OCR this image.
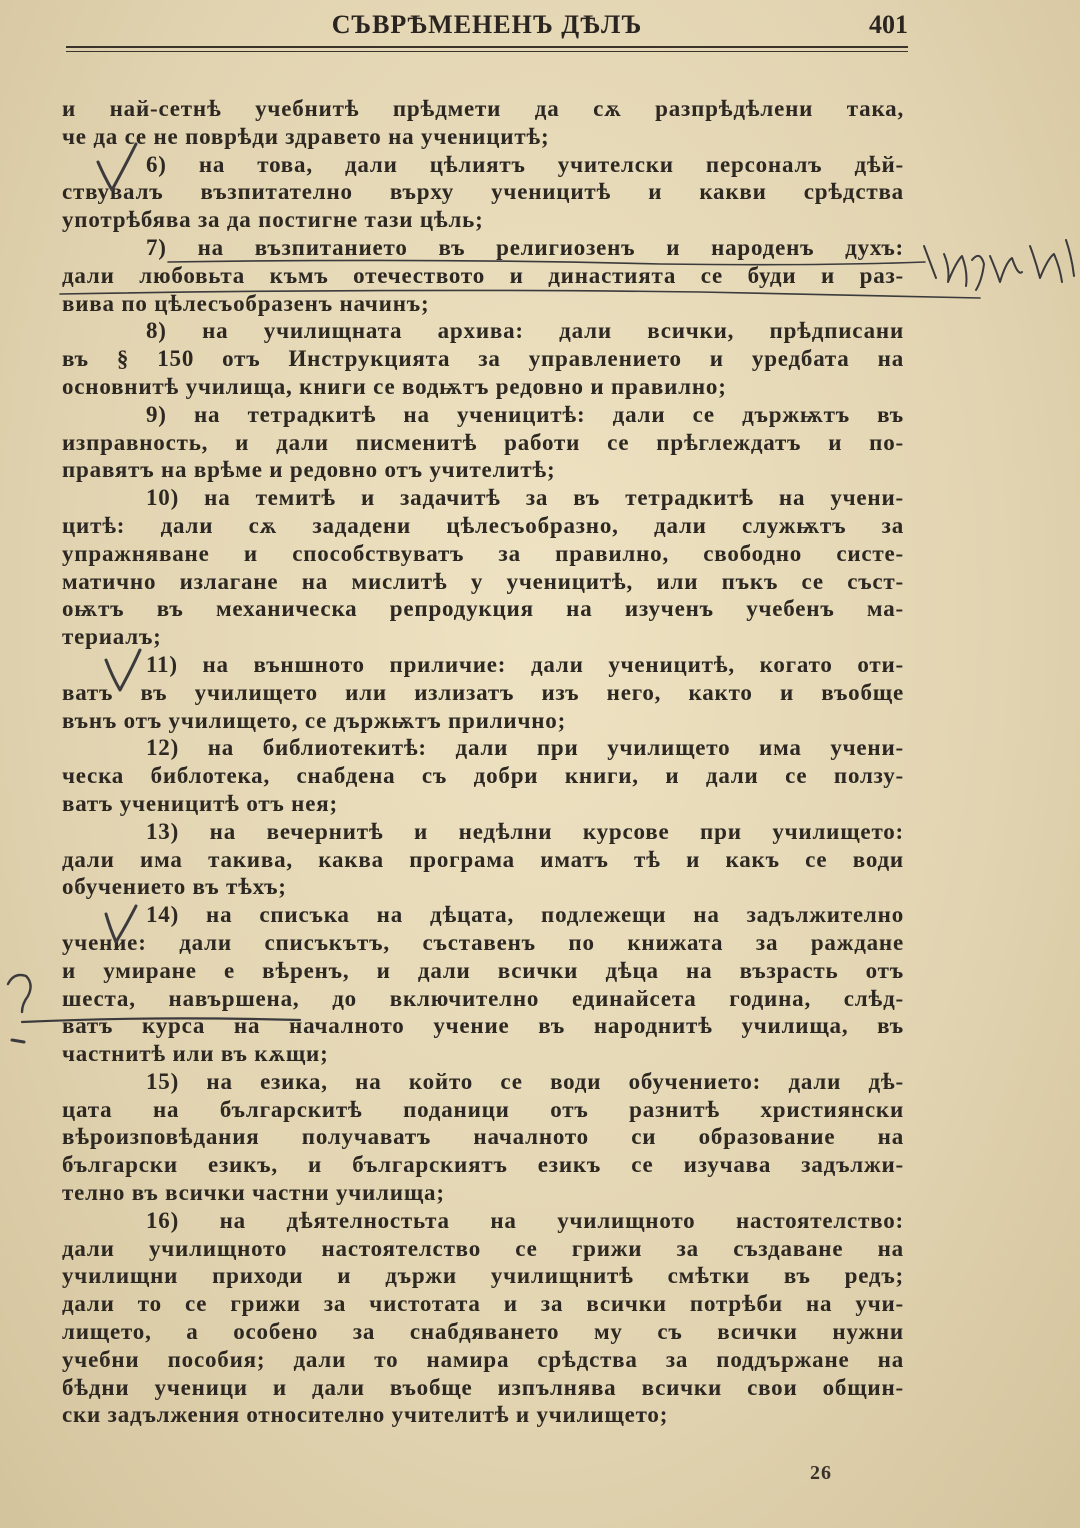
СЪВРѢМЕНЕНЪ ДѢЛЪ	401
и най-сетнѣ учебнитѣ прѣдмети да сѫ разпрѣдѣлени така,
че да се не поврѣди здравето на ученицитѣ;
6) на това, дали цѣлиятъ учителски персоналъ дѣй-
ствувалъ възпитателно върху ученицитѣ и какви срѣдства
употрѣбява за да постигне тази цѣль;
7) на възпитанието въ религиозенъ и народенъ духъ:
дали любовьта къмъ отечеството и династията се буди и раз-
вива по цѣлесъобразенъ начинъ;
8) на училищната архива: дали всички, прѣдписани
въ § 150 отъ Инструкцията за управлението и уредбата на
основнитѣ училища, книги се водѭтъ редовно и правилно;
9) на тетрадкитѣ на ученицитѣ: дали се държѭтъ въ
изправность, и дали писменитѣ работи се прѣглеждатъ и по-
правятъ на врѣме и редовно отъ учителитѣ;
10) на темитѣ и задачитѣ за въ тетрадкитѣ на учени-
цитѣ: дали сѫ зададени цѣлесъобразно, дали служѭтъ за
упражняване и способствуватъ за правилно, свободно систе-
матично излагане на мислитѣ у ученицитѣ, или пъкъ се съст-
оѭтъ въ механическа репродукция на изученъ учебенъ ма-
териалъ;
11) на външното приличие: дали ученицитѣ, когато оти-
ватъ въ училището или излизатъ изъ него, както и въобще
вънъ отъ училището, се държѭтъ прилично;
12) на библиотекитѣ: дали при училището има учени-
ческа библотека, снабдена съ добри книги, и дали се ползу-
ватъ ученицитѣ отъ нея;
13) на вечернитѣ и недѣлни курсове при училището:
дали има такива, каква програма иматъ тѣ и какъ се води
обучението въ тѣхъ;
14) на списъка на дѣцата, подлежещи на задължително
учение: дали списъкътъ, съставенъ по книжата за раждане
и умиране е вѣренъ, и дали всички дѣца на възрасть отъ
шеста, навършена, до включително единайсета година, слѣд-
ватъ курса на началното учение въ народнитѣ училища, въ
частнитѣ или въ кѫщи;
15) на езика, на който се води обучението: дали дѣ-
цата на българскитѣ поданици отъ разнитѣ християнски
вѣроизповѣдания получаватъ началното си образование на
български езикъ, и българскиятъ езикъ се изучава задължи-
телно въ всички частни училища;
16) на дѣятелностьта на училищното настоятелство:
дали училищното настоятелство се грижи за създаване на
училищни приходи и държи училищнитѣ смѣтки въ редъ;
дали то се грижи за чистотата и за всички потрѣби на учи-
лището, а особено за снабдяването му съ всички нужни
учебни пособия; дали то намира срѣдства за поддържане на
бѣдни ученици и дали въобще изпълнява всички свои общин-
ски задължения относително учителитѣ и училището;
26
